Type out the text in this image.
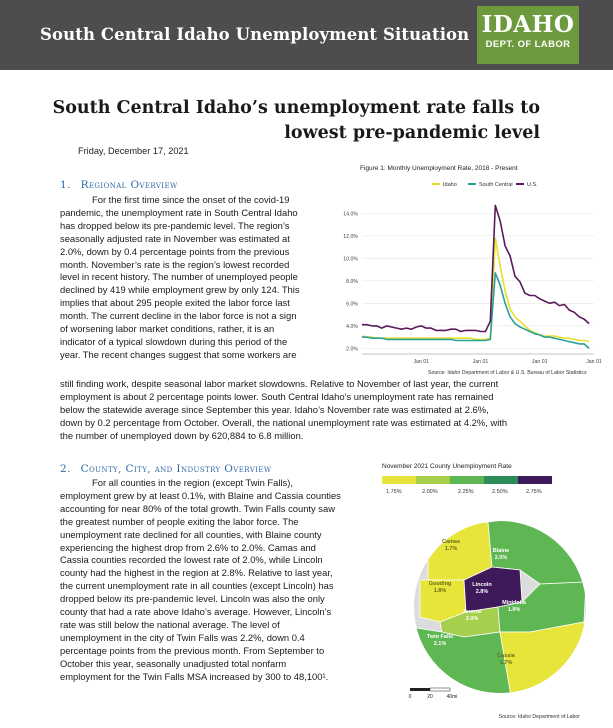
South Central Idaho Unemployment Situation IDAHO
DEPT. OF LABOR
South Central Idaho’s unemployment rate falls to
lowest pre-pandemic level
Friday, December 17, 2021
1. Regional Overview
For the first time since the onset of the covid-19
pandemic, the unemployment rate in South Central Idaho
has dropped below its pre-pandemic level. The region’s
seasonally adjusted rate in November was estimated at
2.0%, down by 0.4 percentage points from the previous
month. November’s rate is the region’s lowest recorded
level in recent history. The number of unemployed people
declined by 419 while employment grew by only 124. This
implies that about 295 people exited the labor force last
month. The current decline in the labor force is not a sign
of worsening labor market conditions, rather, it is an
indicator of a typical slowdown during this period of the
year. The recent changes suggest that some workers are
still finding work, despite seasonal labor market slowdowns. Relative to November of last year, the current
employment is about 2 percentage points lower. South Central Idaho’s unemployment rate has remained
below the statewide average since September this year. Idaho’s November rate was estimated at 2.6%,
down by 0.2 percentage from October. Overall, the national unemployment rate was estimated at 4.2%, with
the number of unemployed down by 620,884 to 6.8 million.
Figure 1: Monthly Unemployment Rate, 2018 - Present
Idaho	South Central	U.S.
2.0%
4.0%
6.0%
8.0%
10.0%
12.0%
14.0%
Jan 01	Jan 01	Jan 01	Jan 01
Source: Idaho Department of Labor & U.S. Bureau of Labor Statistics
2. County, City, and Industry Overview
For all counties in the region (except Twin Falls),
employment grew by at least 0.1%, with Blaine and Cassia counties
accounting for near 80% of the total growth. Twin Falls county saw
the greatest number of people exiting the labor force. The
unemployment rate declined for all counties, with Blaine county
experiencing the highest drop from 2.6% to 2.0%. Camas and
Cassia counties recorded the lowest rate of 2.0%, while Lincoln
county had the highest in the region at 2.8%. Relative to last year,
the current unemployment rate in all counties (except Lincoln) has
dropped below its pre-pandemic level. Lincoln was also the only
county that had a rate above Idaho’s average. However, Lincoln’s
rate was still below the national average. The level of
unemployment in the city of Twin Falls was 2.2%, down 0.4
percentage points from the previous month. From September to
October this year, seasonally unadjusted total nonfarm
employment for the Twin Falls MSA increased by 300 to 48,100¹.
November 2021 County Unemployment Rate
1.75%	2.00%	2.25%	2.50%	2.75%
Camas
1.7%	Blaine
2.0%
Gooding
1.8%
Lincoln
2.8%
Jerome
2.0%
Minidoka
1.9%
Twin Falls
2.1%
Cassia
1.7%
0	20	40mi
Source: Idaho Department of Labor
